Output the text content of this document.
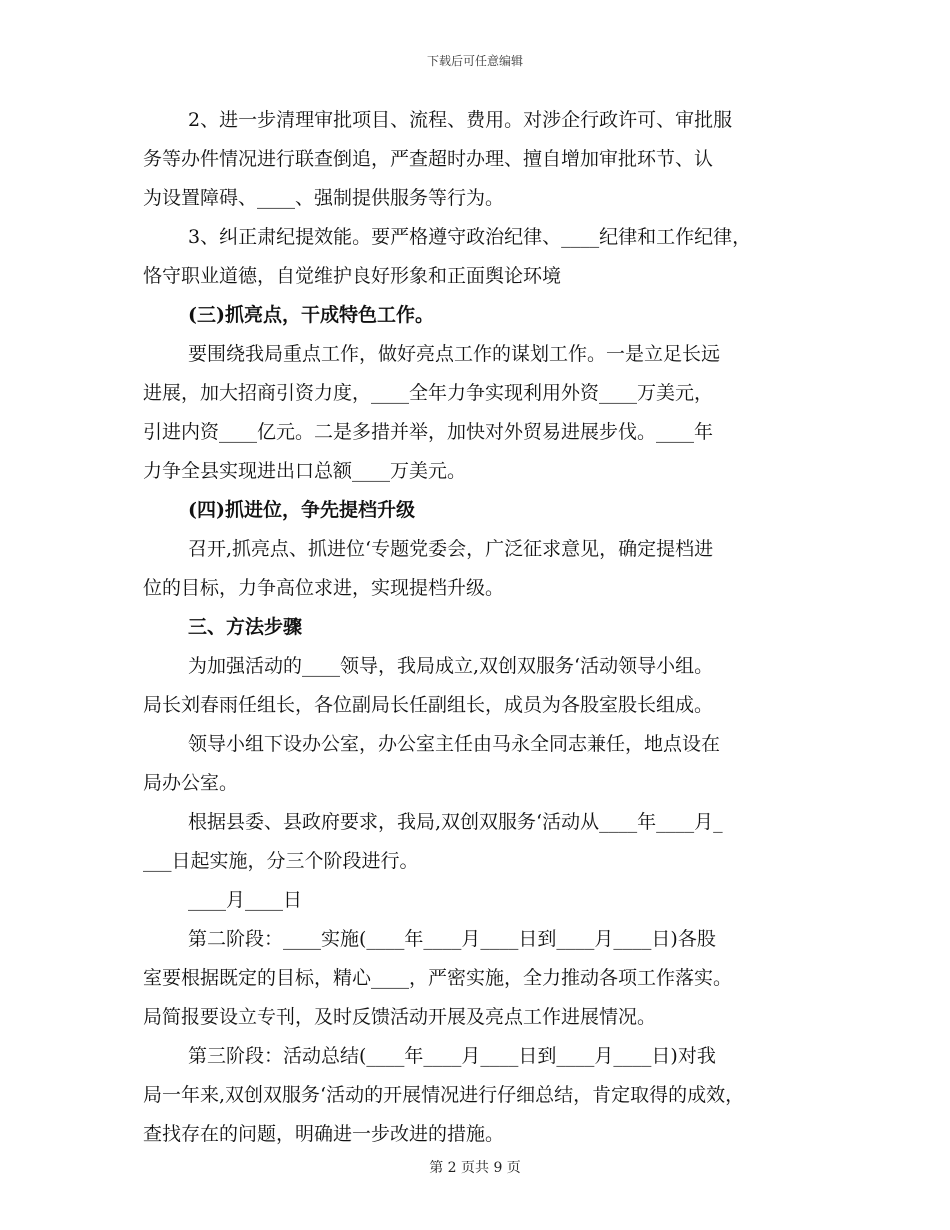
下载后可任意编辑
2、进一步清理审批项目、流程、费用。对涉企行政许可、审批服
务等办件情况进行联查倒追，严查超时办理、擅自增加审批环节、认
为设置障碍、____、强制提供服务等行为。
3、纠正肃纪提效能。要严格遵守政治纪律、____纪律和工作纪律，
恪守职业道德，自觉维护良好形象和正面舆论环境
(三)抓亮点，干成特色工作。
要围绕我局重点工作，做好亮点工作的谋划工作。一是立足长远
进展，加大招商引资力度，____全年力争实现利用外资____万美元，
引进内资____亿元。二是多措并举，加快对外贸易进展步伐。____年
力争全县实现进出口总额____万美元。
(四)抓进位，争先提档升级
召开,抓亮点、抓进位‘专题党委会，广泛征求意见，确定提档进
位的目标，力争高位求进，实现提档升级。
三、方法步骤
为加强活动的____领导，我局成立,双创双服务‘活动领导小组。
局长刘春雨任组长，各位副局长任副组长，成员为各股室股长组成。
领导小组下设办公室，办公室主任由马永全同志兼任，地点设在
局办公室。
根据县委、县政府要求，我局,双创双服务‘活动从____年____月_
___日起实施，分三个阶段进行。
____月____日
第二阶段：____实施(____年____月____日到____月____日)各股
室要根据既定的目标，精心____，严密实施，全力推动各项工作落实。
局简报要设立专刊，及时反馈活动开展及亮点工作进展情况。
第三阶段：活动总结(____年____月____日到____月____日)对我
局一年来,双创双服务‘活动的开展情况进行仔细总结，肯定取得的成效，
查找存在的问题，明确进一步改进的措施。
第 2 页共 9 页
